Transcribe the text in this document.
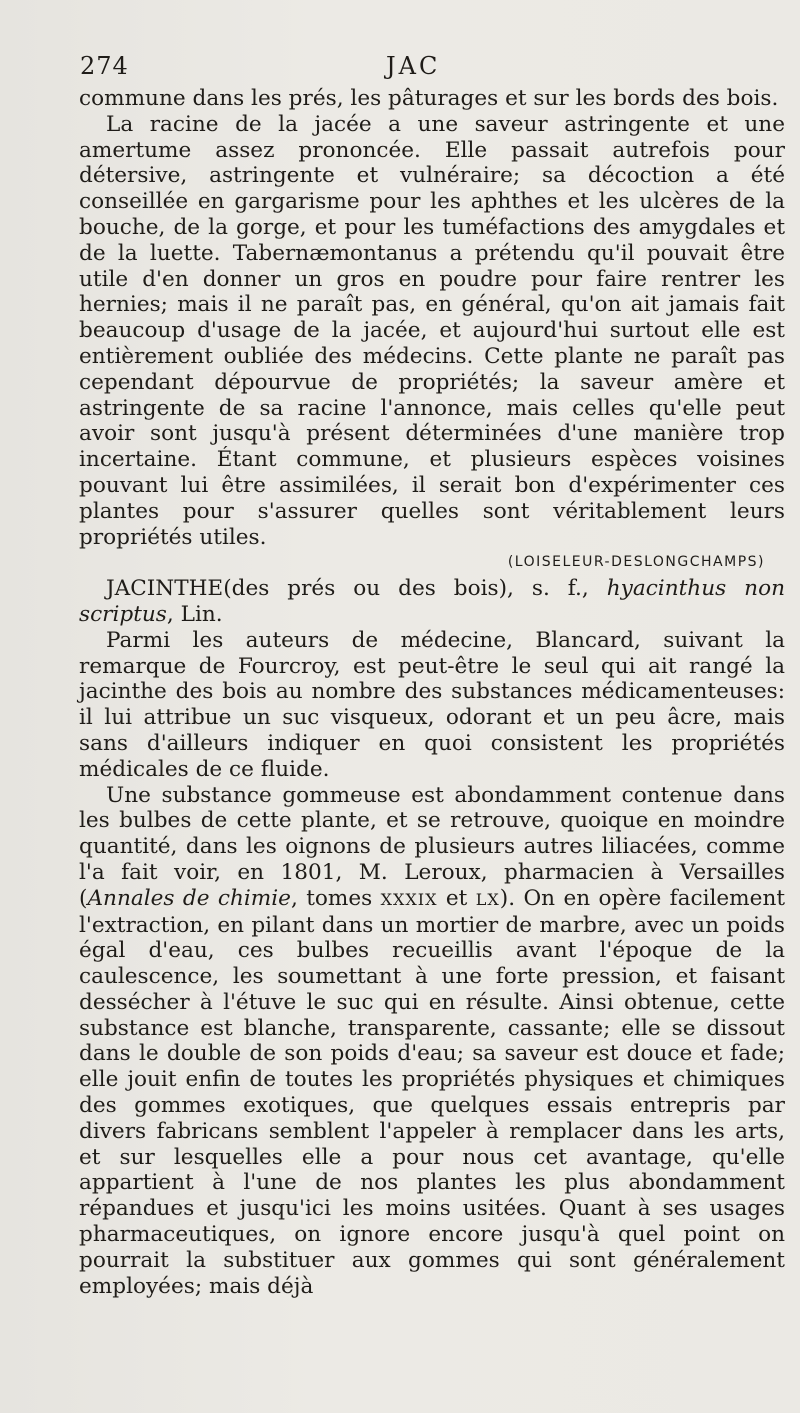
274	JAC

commune dans les prés, les pâturages et sur les bords des bois.

La racine de la jacée a une saveur astringente et une amertume assez prononcée. Elle passait autrefois pour détersive, astringente et vulnéraire; sa décoction a été conseillée en gargarisme pour les aphthes et les ulcères de la bouche, de la gorge, et pour les tuméfactions des amygdales et de la luette. Tabernæmontanus a prétendu qu'il pouvait être utile d'en donner un gros en poudre pour faire rentrer les hernies; mais il ne paraît pas, en général, qu'on ait jamais fait beaucoup d'usage de la jacée, et aujourd'hui surtout elle est entièrement oubliée des médecins. Cette plante ne paraît pas cependant dépourvue de propriétés; la saveur amère et astringente de sa racine l'annonce, mais celles qu'elle peut avoir sont jusqu'à présent déterminées d'une manière trop incertaine. Étant commune, et plusieurs espèces voisines pouvant lui être assimilées, il serait bon d'expérimenter ces plantes pour s'assurer quelles sont véritablement leurs propriétés utiles.

(LOISELEUR-DESLONGCHAMPS)

JACINTHE(des prés ou des bois), s. f., hyacinthus non scriptus, Lin.

Parmi les auteurs de médecine, Blancard, suivant la remarque de Fourcroy, est peut-être le seul qui ait rangé la jacinthe des bois au nombre des substances médicamenteuses: il lui attribue un suc visqueux, odorant et un peu âcre, mais sans d'ailleurs indiquer en quoi consistent les propriétés médicales de ce fluide.

Une substance gommeuse est abondamment contenue dans les bulbes de cette plante, et se retrouve, quoique en moindre quantité, dans les oignons de plusieurs autres liliacées, comme l'a fait voir, en 1801, M. Leroux, pharmacien à Versailles (Annales de chimie, tomes XXXIX et LX). On en opère facilement l'extraction, en pilant dans un mortier de marbre, avec un poids égal d'eau, ces bulbes recueillis avant l'époque de la caulescence, les soumettant à une forte pression, et faisant dessécher à l'étuve le suc qui en résulte. Ainsi obtenue, cette substance est blanche, transparente, cassante; elle se dissout dans le double de son poids d'eau; sa saveur est douce et fade; elle jouit enfin de toutes les propriétés physiques et chimiques des gommes exotiques, que quelques essais entrepris par divers fabricans semblent l'appeler à remplacer dans les arts, et sur lesquelles elle a pour nous cet avantage, qu'elle appartient à l'une de nos plantes les plus abondamment répandues et jusqu'ici les moins usitées. Quant à ses usages pharmaceutiques, on ignore encore jusqu'à quel point on pourrait la substituer aux gommes qui sont généralement employées; mais déjà
